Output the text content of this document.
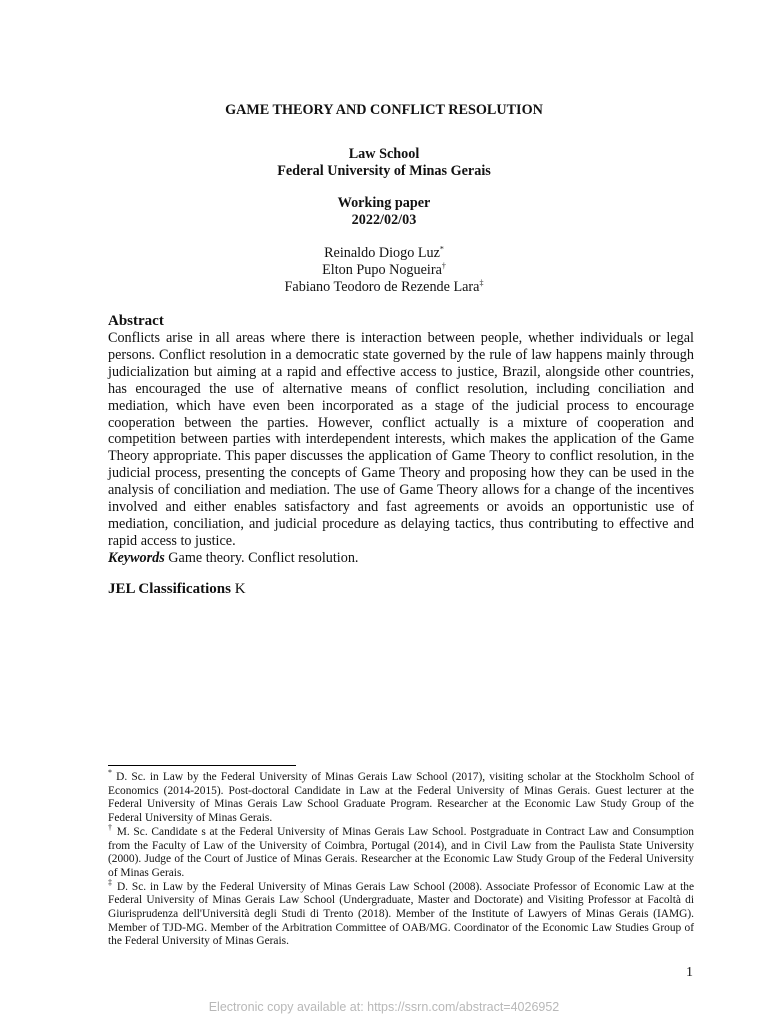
GAME THEORY AND CONFLICT RESOLUTION
Law School
Federal University of Minas Gerais
Working paper
2022/02/03
Reinaldo Diogo Luz*
Elton Pupo Nogueira†
Fabiano Teodoro de Rezende Lara‡
Abstract

Conflicts arise in all areas where there is interaction between people, whether individuals or legal persons. Conflict resolution in a democratic state governed by the rule of law happens mainly through judicialization but aiming at a rapid and effective access to justice, Brazil, alongside other countries, has encouraged the use of alternative means of conflict resolution, including conciliation and mediation, which have even been incorporated as a stage of the judicial process to encourage cooperation between the parties. However, conflict actually is a mixture of cooperation and competition between parties with interdependent interests, which makes the application of the Game Theory appropriate. This paper discusses the application of Game Theory to conflict resolution, in the judicial process, presenting the concepts of Game Theory and proposing how they can be used in the analysis of conciliation and mediation. The use of Game Theory allows for a change of the incentives involved and either enables satisfactory and fast agreements or avoids an opportunistic use of mediation, conciliation, and judicial procedure as delaying tactics, thus contributing to effective and rapid access to justice.

Keywords Game theory. Conflict resolution.

JEL Classifications K

* D. Sc. in Law by the Federal University of Minas Gerais Law School (2017), visiting scholar at the Stockholm School of Economics (2014-2015). Post-doctoral Candidate in Law at the Federal University of Minas Gerais. Guest lecturer at the Federal University of Minas Gerais Law School Graduate Program. Researcher at the Economic Law Study Group of the Federal University of Minas Gerais.

† M. Sc. Candidate s at the Federal University of Minas Gerais Law School. Postgraduate in Contract Law and Consumption from the Faculty of Law of the University of Coimbra, Portugal (2014), and in Civil Law from the Paulista State University (2000). Judge of the Court of Justice of Minas Gerais. Researcher at the Economic Law Study Group of the Federal University of Minas Gerais.

‡ D. Sc. in Law by the Federal University of Minas Gerais Law School (2008). Associate Professor of Economic Law at the Federal University of Minas Gerais Law School (Undergraduate, Master and Doctorate) and Visiting Professor at Facoltà di Giurisprudenza dell'Università degli Studi di Trento (2018). Member of the Institute of Lawyers of Minas Gerais (IAMG). Member of TJD-MG. Member of the Arbitration Committee of OAB/MG. Coordinator of the Economic Law Studies Group of the Federal University of Minas Gerais.

1
Electronic copy available at: https://ssrn.com/abstract=4026952
